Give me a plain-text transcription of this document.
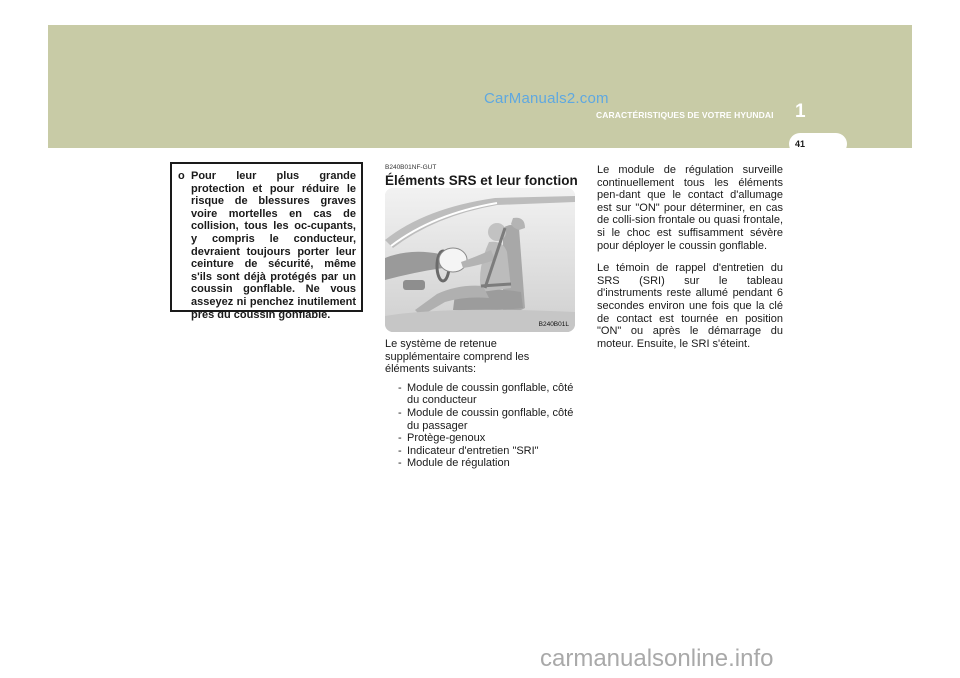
CarManuals2.com
CARACTÉRISTIQUES DE VOTRE HYUNDAI 1
41
o Pour leur plus grande protection et pour réduire le risque de blessures graves voire mortelles en cas de collision, tous les oc-cupants, y compris le conducteur, devraient toujours porter leur ceinture de sécurité, même s'ils sont déjà protégés par un coussin gonflable. Ne vous asseyez ni penchez inutilement près du coussin gonflable.
B240B01NF-GUT
Éléments SRS et leur fonction
B240B01L

Le système de retenue supplémentaire comprend les éléments suivants:

- Module de coussin gonflable, côté du conducteur
- Module de coussin gonflable, côté du passager
- Protège-genoux
- Indicateur d'entretien "SRI"
- Module de régulation

Le module de régulation surveille continuellement tous les éléments pen-dant que le contact d'allumage est sur "ON" pour déterminer, en cas de colli-sion frontale ou quasi frontale, si le choc est suffisamment sévère pour déployer le coussin gonflable.

Le témoin de rappel d'entretien du SRS (SRI) sur le tableau d'instruments reste allumé pendant 6 secondes environ une fois que la clé de contact est tournée en position "ON" ou après le démarrage du moteur. Ensuite, le SRI s'éteint.

carmanualsonline.info
